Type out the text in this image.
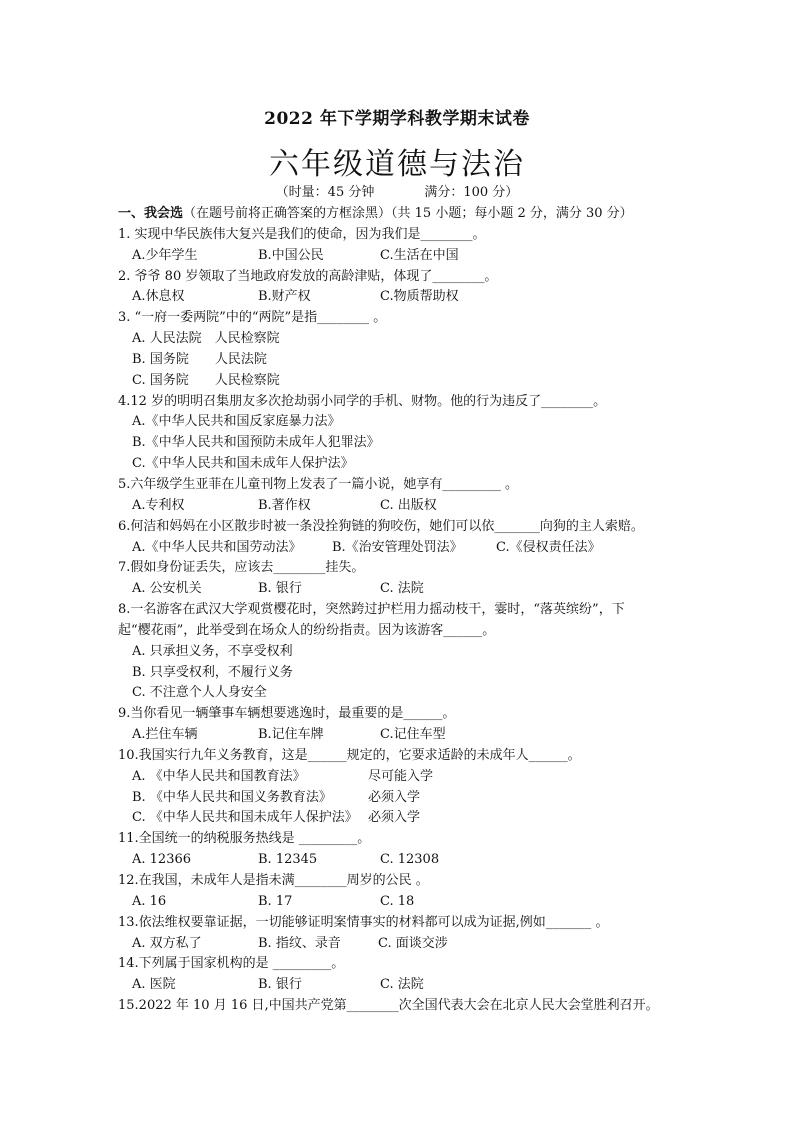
2022 年下学期学科教学期末试卷
六年级道德与法治
（时量：45 分钟	满分：100 分）
一、我会选（在题号前将正确答案的方框涂黑）（共 15 小题；每小题 2 分，满分 30 分）
1. 实现中华民族伟大复兴是我们的使命，因为我们是________。
A.少年学生	B.中国公民	C.生活在中国
2. 爷爷 80 岁领取了当地政府发放的高龄津贴，体现了________。
A.休息权	B.财产权	C.物质帮助权
3. “一府一委两院”中的“两院”是指________ 。
A. 人民法院　人民检察院
B. 国务院　　人民法院
C. 国务院　　人民检察院
4.12 岁的明明召集朋友多次抢劫弱小同学的手机、财物。他的行为违反了________。
A.《中华人民共和国反家庭暴力法》
B.《中华人民共和国预防未成年人犯罪法》
C.《中华人民共和国未成年人保护法》
5.六年级学生亚菲在儿童刊物上发表了一篇小说，她享有_________ 。
A.专利权	B.著作权	C. 出版权
6.何洁和妈妈在小区散步时被一条没拴狗链的狗咬伤，她们可以依_______向狗的主人索赔。
A.《中华人民共和国劳动法》 B.《治安管理处罚法》	C.《侵权责任法》
7.假如身份证丢失，应该去________挂失。
A. 公安机关	B. 银行	C. 法院
8.一名游客在武汉大学观赏樱花时，突然跨过护栏用力摇动枝干，霎时，“落英缤纷”，下
起“樱花雨”，此举受到在场众人的纷纷指责。因为该游客______。
A. 只承担义务，不享受权利
B. 只享受权利，不履行义务
C. 不注意个人人身安全
9.当你看见一辆肇事车辆想要逃逸时，最重要的是______。
A.拦住车辆	B.记住车牌	C.记住车型
10.我国实行九年义务教育，这是______规定的，它要求适龄的未成年人______。
A. 《中华人民共和国教育法》	尽可能入学
B. 《中华人民共和国义务教育法》	必须入学
C. 《中华人民共和国未成年人保护法》 必须入学
11.全国统一的纳税服务热线是 _________。
A. 12366	B. 12345	C. 12308
12.在我国，未成年人是指未满________周岁的公民 。
A. 16	B. 17	C. 18
13.依法维权要靠证据，一切能够证明案情事实的材料都可以成为证据,例如_______ 。
A. 双方私了	B. 指纹、录音	C. 面谈交涉
14.下列属于国家机构的是 _________。
A. 医院	B. 银行	C. 法院
15.2022 年 10 月 16 日,中国共产党第________次全国代表大会在北京人民大会堂胜利召开。
